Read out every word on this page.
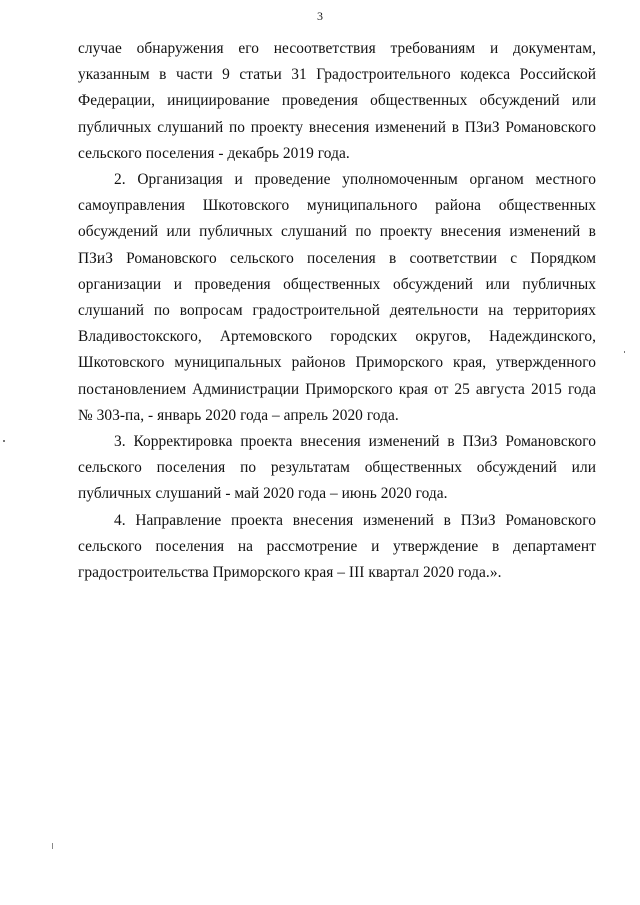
3

случае обнаружения его несоответствия требованиям и документам, указанным в части 9 статьи 31 Градостроительного кодекса Российской Федерации, инициирование проведения общественных обсуждений или публичных слушаний по проекту внесения изменений в ПЗиЗ Романовского сельского поселения - декабрь 2019 года.

2. Организация и проведение уполномоченным органом местного самоуправления Шкотовского муниципального района общественных обсуждений или публичных слушаний по проекту внесения изменений в ПЗиЗ Романовского сельского поселения в соответствии с Порядком организации и проведения общественных обсуждений или публичных слушаний по вопросам градостроительной деятельности на территориях Владивостокского, Артемовского городских округов, Надеждинского, Шкотовского муниципальных районов Приморского края, утвержденного постановлением Администрации Приморского края от 25 августа 2015 года № 303-па, - январь 2020 года – апрель 2020 года.

3. Корректировка проекта внесения изменений в ПЗиЗ Романовского сельского поселения по результатам общественных обсуждений или публичных слушаний - май 2020 года – июнь 2020 года.

4. Направление проекта внесения изменений в ПЗиЗ Романовского сельского поселения на рассмотрение и утверждение в департамент градостроительства Приморского края – III квартал 2020 года.».
